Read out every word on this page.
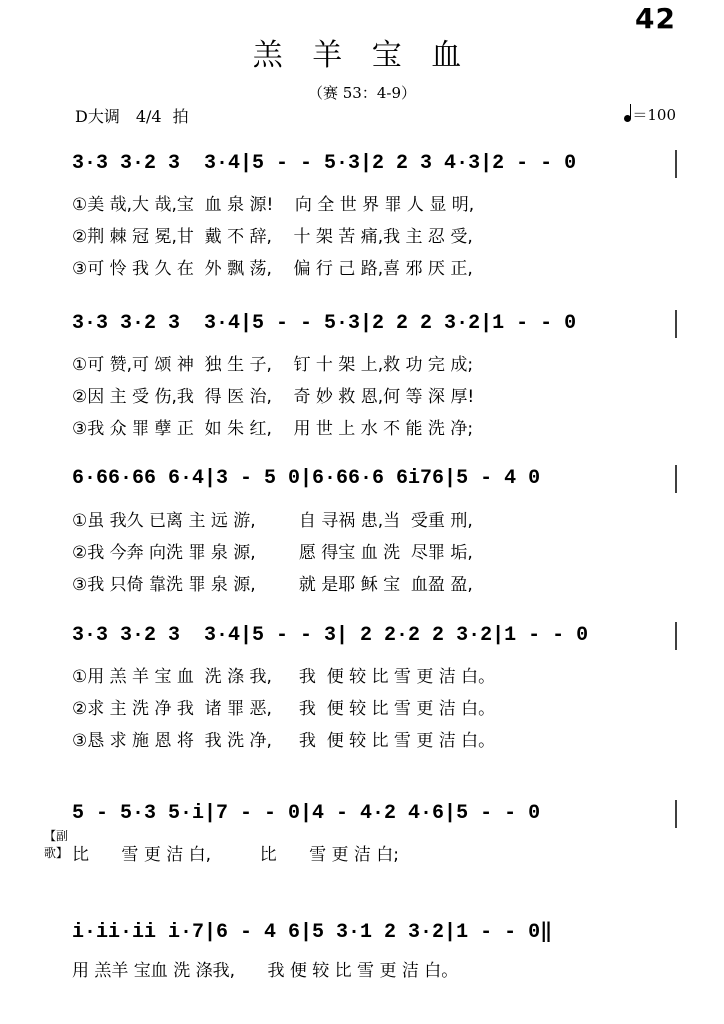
42
羔 羊 宝 血
（赛 53：4-9）
D大调　4/4 拍	＝100
3·3 3·2 3  3·4|5 - - 5·3|2 2 3 4·3|2 - - 0
①美 哉,大 哉,宝  血 泉 源!    向 全 世 界 罪 人 显 明,
②荆 棘 冠 冕,甘  戴 不 辞,    十 架 苦 痛,我 主 忍 受,
③可 怜 我 久 在  外 飘 荡,    偏 行 己 路,喜 邪 厌 正,
3·3 3·2 3  3·4|5 - - 5·3|2 2 2 3·2|1 - - 0
①可 赞,可 颂 神  独 生 子,    钉 十 架 上,救 功 完 成;
②因 主 受 伤,我  得 医 治,    奇 妙 救 恩,何 等 深 厚!
③我 众 罪 孽 正  如 朱 红,    用 世 上 水 不 能 洗 净;
6·66·66 6·4|3 - 5 0|6·66·6 6i76|5 - 4 0
①虽 我久 已离 主 远 游,        自 寻祸 患,当  受重 刑,
②我 今奔 向洗 罪 泉 源,        愿 得宝 血 洗  尽罪 垢,
③我 只倚 靠洗 罪 泉 源,        就 是耶 稣 宝  血盈 盈,
3·3 3·2 3  3·4|5 - - 3| 2 2·2 2 3·2|1 - - 0
①用 羔 羊 宝 血  洗 涤 我,     我  便 较 比 雪 更 洁 白。
②求 主 洗 净 我  诸 罪 恶,     我  便 较 比 雪 更 洁 白。
③恳 求 施 恩 将  我 洗 净,     我  便 较 比 雪 更 洁 白。
5 - 5·3 5·i|7 - - 0|4 - 4·2 4·6|5 - - 0
比      雪 更 洁 白,         比      雪 更 洁 白;
【副歌】
i·ii·ii i·7|6 - 4 6|5 3·1 2 3·2|1 - - 0‖
用 羔羊 宝血 洗 涤我,      我 便 较 比 雪 更 洁 白。
